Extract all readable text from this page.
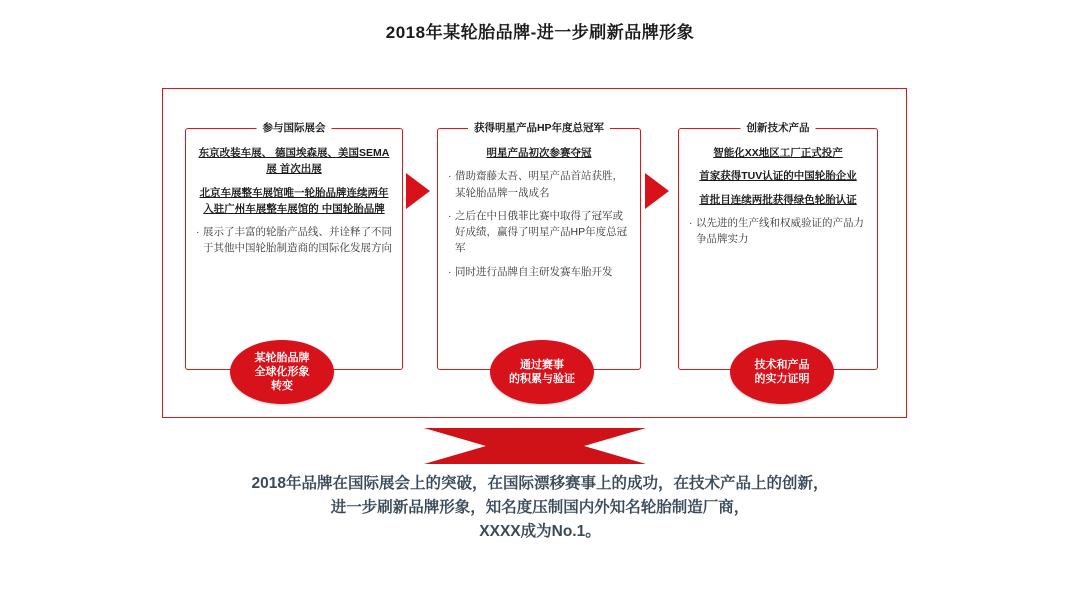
2018年某轮胎品牌-进一步刷新品牌形象
参与国际展会
东京改装车展、 德国埃森展、美国SEMA展 首次出展
北京车展整车展馆唯一轮胎品牌连续两年入驻广州车展整车展馆的 中国轮胎品牌
· 展示了丰富的轮胎产品线、并诠释了不同于其他中国轮胎制造商的国际化发展方向
获得明星产品HP年度总冠军
明星产品初次参赛夺冠
· 借助齋藤太吾、明星产品首站获胜，某轮胎品牌一战成名
· 之后在中日俄菲比赛中取得了冠军或好成绩，赢得了明星产品HP年度总冠军
· 同时进行品牌自主研发赛车胎开发
创新技术产品
智能化XX地区工厂正式投产
首家获得TUV认证的中国轮胎企业
首批目连续两批获得绿色轮胎认证
· 以先进的生产线和权威验证的产品力争品牌实力
某轮胎品牌
全球化形象
转变
通过赛事
的积累与验证
技术和产品
的实力证明
2018年品牌在国际展会上的突破，在国际漂移赛事上的成功，在技术产品上的创新，
进一步刷新品牌形象，知名度压制国内外知名轮胎制造厂商，
XXXX成为No.1。
